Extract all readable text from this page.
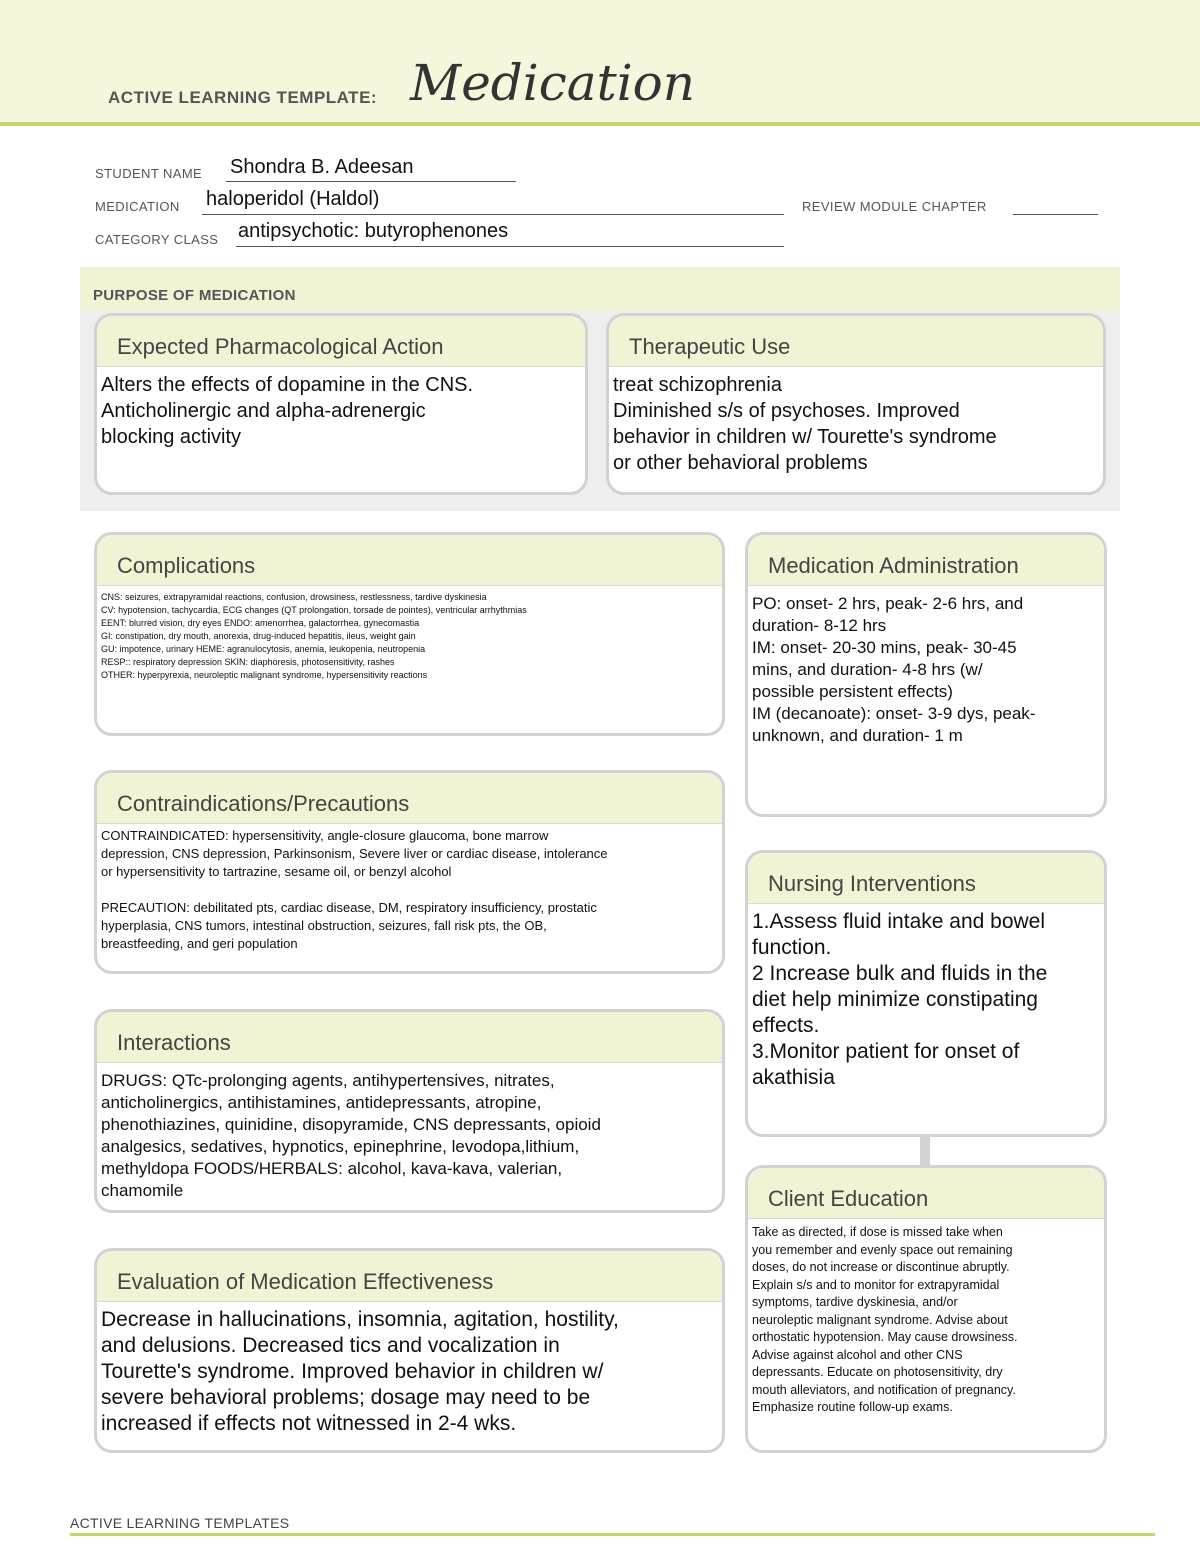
ACTIVE LEARNING TEMPLATE: Medication
STUDENT NAME Shondra B. Adeesan
MEDICATION haloperidol (Haldol)	REVIEW MODULE CHAPTER
CATEGORY CLASS antipsychotic: butyrophenones
PURPOSE OF MEDICATION
Expected Pharmacological Action
Alters the effects of dopamine in the CNS.
Anticholinergic and alpha-adrenergic
blocking activity
Therapeutic Use
treat schizophrenia
Diminished s/s of psychoses. Improved
behavior in children w/ Tourette's syndrome
or other behavioral problems
Complications
CNS: seizures, extrapyramidal reactions, confusion, drowsiness, restlessness, tardive dyskinesia
CV: hypotension, tachycardia, ECG changes (QT prolongation, torsade de pointes), ventricular arrhythmias
EENT: blurred vision, dry eyes ENDO: amenorrhea, galactorrhea, gynecomastia
GI: constipation, dry mouth, anorexia, drug-induced hepatitis, ileus, weight gain
GU: impotence, urinary HEME: agranulocytosis, anemia, leukopenia, neutropenia
RESP:: respiratory depression SKIN: diaphoresis, photosensitivity, rashes
OTHER: hyperpyrexia, neuroleptic malignant syndrome, hypersensitivity reactions
Medication Administration
PO: onset- 2 hrs, peak- 2-6 hrs, and
duration- 8-12 hrs
IM: onset- 20-30 mins, peak- 30-45
mins, and duration- 4-8 hrs (w/
possible persistent effects)
IM (decanoate): onset- 3-9 dys, peak-
unknown, and duration- 1 m
Contraindications/Precautions
CONTRAINDICATED: hypersensitivity, angle-closure glaucoma, bone marrow
depression, CNS depression, Parkinsonism, Severe liver or cardiac disease, intolerance
or hypersensitivity to tartrazine, sesame oil, or benzyl alcohol

PRECAUTION: debilitated pts, cardiac disease, DM, respiratory insufficiency, prostatic
hyperplasia, CNS tumors, intestinal obstruction, seizures, fall risk pts, the OB,
breastfeeding, and geri population
Nursing Interventions
1.Assess fluid intake and bowel
function.
2 Increase bulk and fluids in the
diet help minimize constipating
effects.
3.Monitor patient for onset of
akathisia
Interactions
DRUGS: QTc-prolonging agents, antihypertensives, nitrates,
anticholinergics, antihistamines, antidepressants, atropine,
phenothiazines, quinidine, disopyramide, CNS depressants, opioid
analgesics, sedatives, hypnotics, epinephrine, levodopa,lithium,
methyldopa FOODS/HERBALS: alcohol, kava-kava, valerian,
chamomile	Client Education
Take as directed, if dose is missed take when
you remember and evenly space out remaining
doses, do not increase or discontinue abruptly.
Explain s/s and to monitor for extrapyramidal
symptoms, tardive dyskinesia, and/or
neuroleptic malignant syndrome. Advise about
orthostatic hypotension. May cause drowsiness.
Advise against alcohol and other CNS
depressants. Educate on photosensitivity, dry
mouth alleviators, and notification of pregnancy.
Emphasize routine follow-up exams.
Evaluation of Medication Effectiveness
Decrease in hallucinations, insomnia, agitation, hostility,
and delusions. Decreased tics and vocalization in
Tourette's syndrome. Improved behavior in children w/
severe behavioral problems; dosage may need to be
increased if effects not witnessed in 2-4 wks.
ACTIVE LEARNING TEMPLATES
